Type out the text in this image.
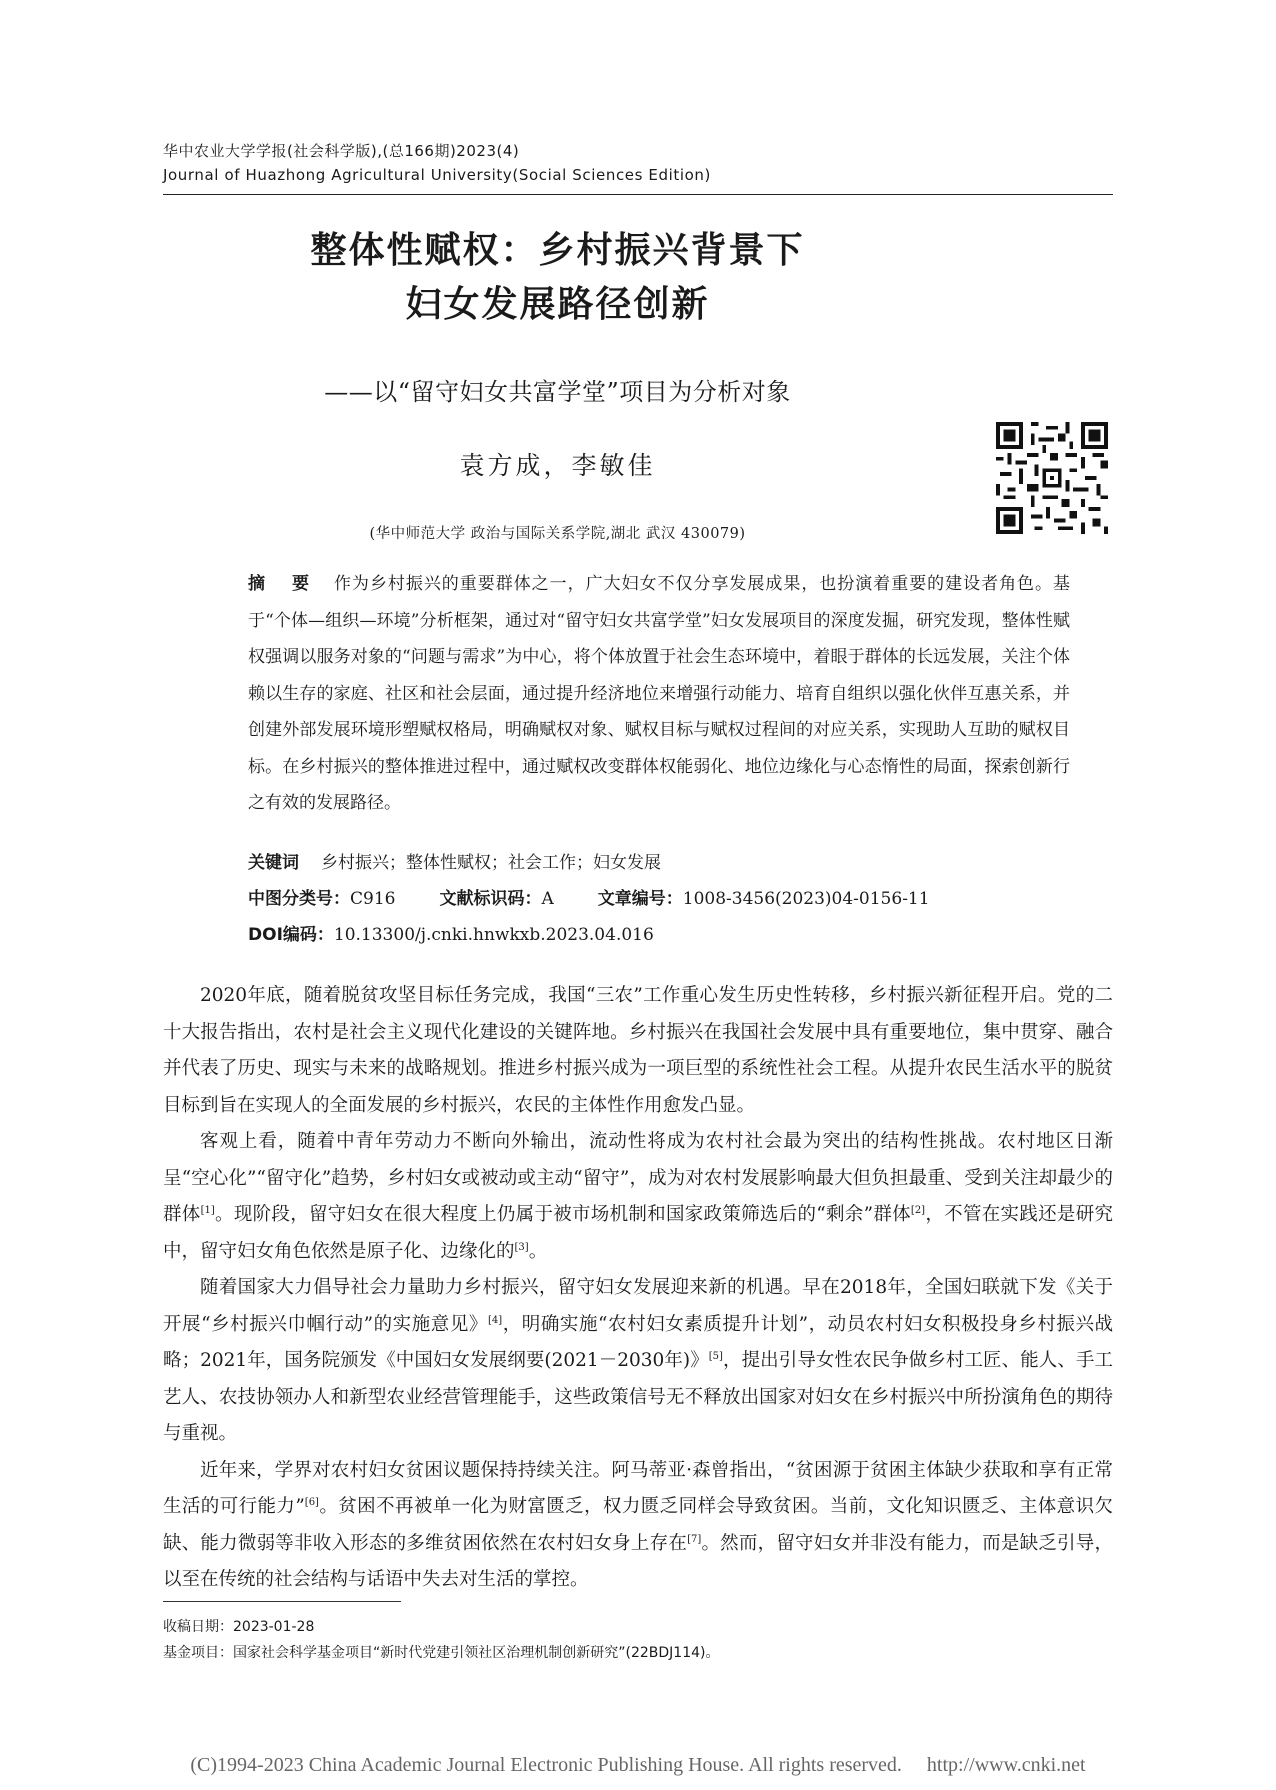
华中农业大学学报(社会科学版),(总166期)2023(4)
Journal of Huazhong Agricultural University(Social Sciences Edition)
整体性赋权：乡村振兴背景下
妇女发展路径创新
——以“留守妇女共富学堂”项目为分析对象
袁方成，李敏佳
(华中师范大学 政治与国际关系学院,湖北 武汉 430079)
摘　要 作为乡村振兴的重要群体之一，广大妇女不仅分享发展成果，也扮演着重要的建设者角色。基于“个体—组织—环境”分析框架，通过对“留守妇女共富学堂”妇女发展项目的深度发掘，研究发现，整体性赋权强调以服务对象的“问题与需求”为中心，将个体放置于社会生态环境中，着眼于群体的长远发展，关注个体赖以生存的家庭、社区和社会层面，通过提升经济地位来增强行动能力、培育自组织以强化伙伴互惠关系，并创建外部发展环境形塑赋权格局，明确赋权对象、赋权目标与赋权过程间的对应关系，实现助人互助的赋权目标。在乡村振兴的整体推进过程中，通过赋权改变群体权能弱化、地位边缘化与心态惰性的局面，探索创新行之有效的发展路径。
关键词 乡村振兴；整体性赋权；社会工作；妇女发展
中图分类号：C916	文献标识码：A	文章编号：1008-3456(2023)04-0156-11
DOI编码：10.13300/j.cnki.hnwkxb.2023.04.016

2020年底，随着脱贫攻坚目标任务完成，我国“三农”工作重心发生历史性转移，乡村振兴新征程开启。党的二十大报告指出，农村是社会主义现代化建设的关键阵地。乡村振兴在我国社会发展中具有重要地位，集中贯穿、融合并代表了历史、现实与未来的战略规划。推进乡村振兴成为一项巨型的系统性社会工程。从提升农民生活水平的脱贫目标到旨在实现人的全面发展的乡村振兴，农民的主体性作用愈发凸显。

客观上看，随着中青年劳动力不断向外输出，流动性将成为农村社会最为突出的结构性挑战。农村地区日渐呈“空心化”“留守化”趋势，乡村妇女或被动或主动“留守”，成为对农村发展影响最大但负担最重、受到关注却最少的群体[1]。现阶段，留守妇女在很大程度上仍属于被市场机制和国家政策筛选后的“剩余”群体[2]，不管在实践还是研究中，留守妇女角色依然是原子化、边缘化的[3]。

随着国家大力倡导社会力量助力乡村振兴，留守妇女发展迎来新的机遇。早在2018年，全国妇联就下发《关于开展“乡村振兴巾帼行动”的实施意见》[4]，明确实施“农村妇女素质提升计划”，动员农村妇女积极投身乡村振兴战略；2021年，国务院颁发《中国妇女发展纲要(2021－2030年)》[5]，提出引导女性农民争做乡村工匠、能人、手工艺人、农技协领办人和新型农业经营管理能手，这些政策信号无不释放出国家对妇女在乡村振兴中所扮演角色的期待与重视。

近年来，学界对农村妇女贫困议题保持持续关注。阿马蒂亚·森曾指出，“贫困源于贫困主体缺少获取和享有正常生活的可行能力”[6]。贫困不再被单一化为财富匮乏，权力匮乏同样会导致贫困。当前，文化知识匮乏、主体意识欠缺、能力微弱等非收入形态的多维贫困依然在农村妇女身上存在[7]。然而，留守妇女并非没有能力，而是缺乏引导，以至在传统的社会结构与话语中失去对生活的掌控。

收稿日期：2023-01-28
基金项目：国家社会科学基金项目“新时代党建引领社区治理机制创新研究”(22BDJ114)。
(C)1994-2023 China Academic Journal Electronic Publishing House. All rights reserved.　 http://www.cnki.net
